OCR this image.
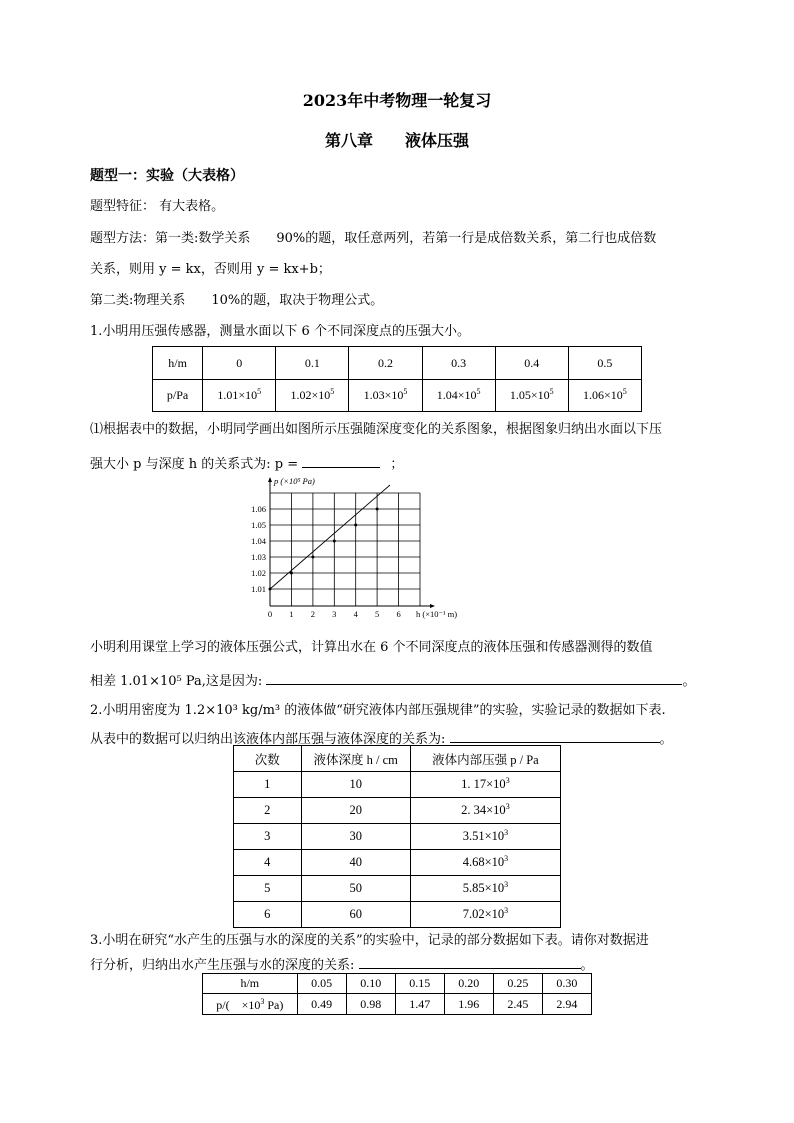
2023年中考物理一轮复习
第八章　　液体压强
题型一：实验（大表格）
题型特征： 有大表格。
题型方法：第一类:数学关系　　90%的题，取任意两列，若第一行是成倍数关系，第二行也成倍数
关系，则用 y = kx，否则用 y = kx+b；
第二类:物理关系　　10%的题，取决于物理公式。
1.小明用压强传感器，测量水面以下 6 个不同深度点的压强大小。
h/m	0	0.1	0.2	0.3	0.4	0.5
p/Pa	$1.01\times 10^5$	$1.02\times 10^5$	$1.03\times 10^5$	$1.04\times 10^5$	$1.05\times 10^5$	$1.06\times 10^5$
⑴根据表中的数据，小明同学画出如图所示压强随深度变化的关系图象，根据图象归纳出水面以下压
强大小 p 与深度 h 的关系式为: p =	；
1.01
1.02
1.03
1.04
1.05
1.06
0 1 2 3 4 5 6
p (×10⁵ Pa)
h (×10⁻¹ m)
小明利用课堂上学习的液体压强公式，计算出水在 6 个不同深度点的液体压强和传感器测得的数值
相差 1.01×10⁵ Pa,这是因为:	。
2.小明用密度为 1.2×10³ kg/m³ 的液体做“研究液体内部压强规律”的实验，实验记录的数据如下表.
从表中的数据可以归纳出该液体内部压强与液体深度的关系为:	。
次数	液体深度 h / cm	液体内部压强 p / Pa
1	10	1. $17\times 10^3$
2	20	2. $34\times 10^3$
3	30	$3.51\times 10^3$
4	40	$4.68\times 10^3$
5	50	$5.85\times 10^3$
6	60	$7.02\times 10^3$
3.小明在研究“水产生的压强与水的深度的关系”的实验中，记录的部分数据如下表。请你对数据进
行分析，归纳出水产生压强与水的深度的关系:	。
h/m	0.05	0.10	0.15	0.20	0.25	0.30
p/(　$\times 10^3$ Pa)	0.49	0.98	1.47	1.96	2.45	2.94
